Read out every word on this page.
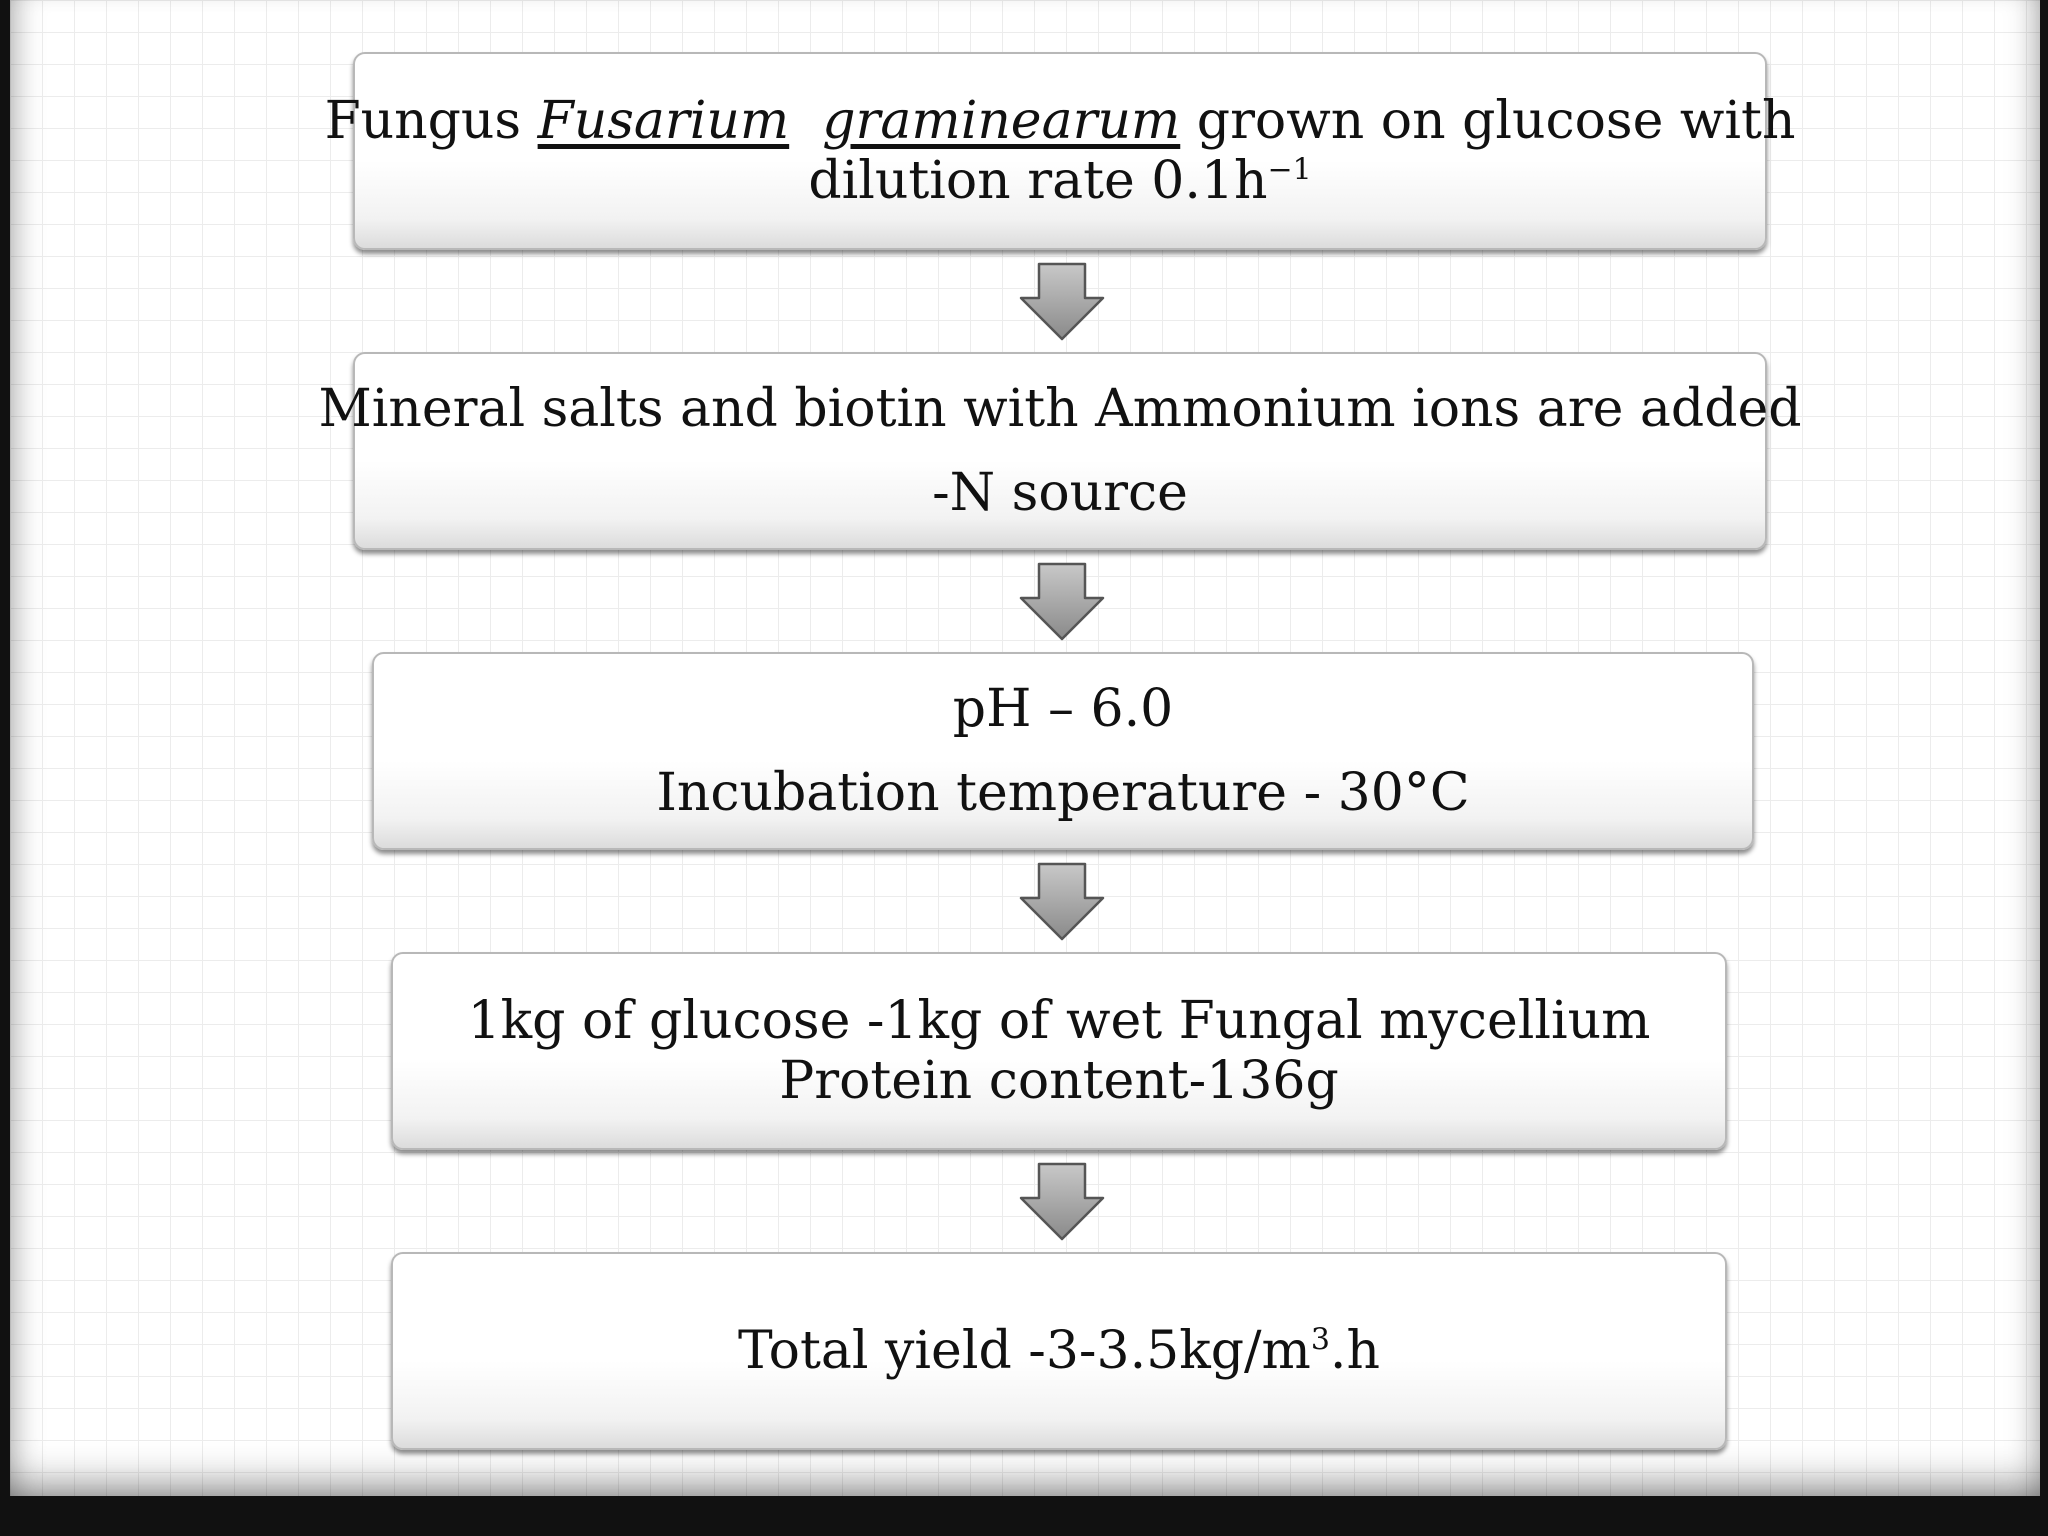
Fungus Fusarium graminearum grown on glucose with
dilution rate $0.1h^{-1}$
Mineral salts and biotin with Ammonium ions are added
-N source
pH – 6.0
Incubation temperature - 30°C
1kg of glucose -1kg of wet Fungal mycellium
Protein content-136g
Total yield $-3-3.5kg/m^3.h$
